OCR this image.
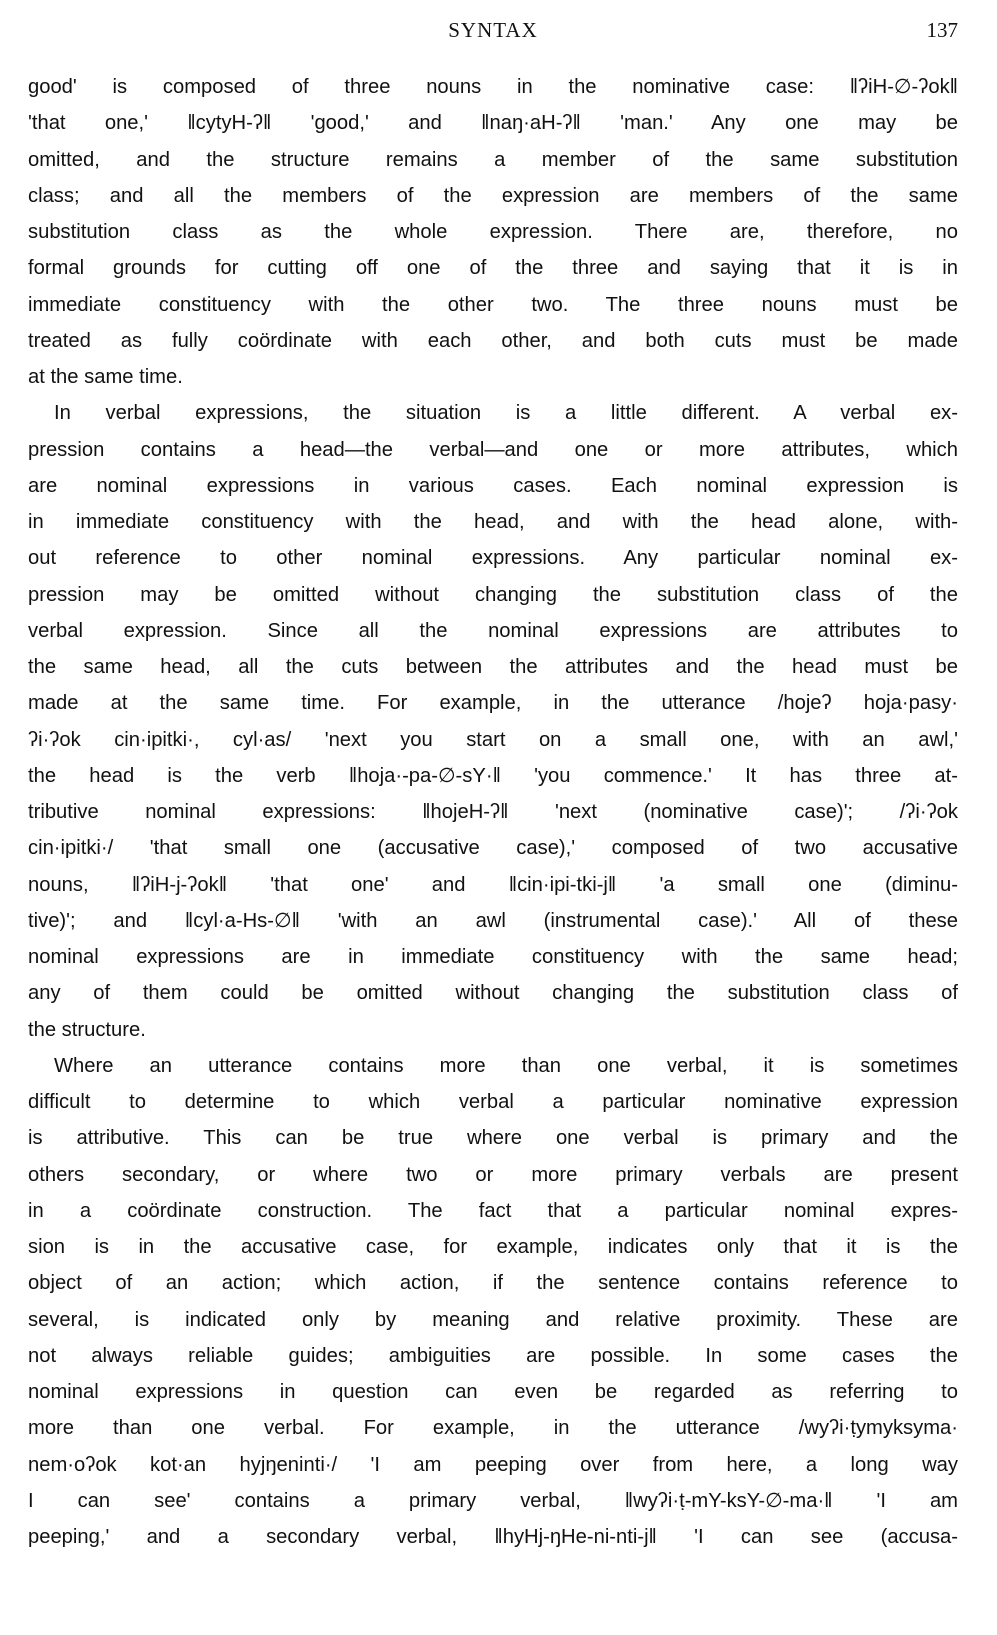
SYNTAX	137
good' is composed of three nouns in the nominative case: ‖ʔiH-∅-ʔok‖
'that one,' ‖cytyH-ʔ‖ 'good,' and ‖naŋ·aH-ʔ‖ 'man.' Any one may be
omitted, and the structure remains a member of the same substitution
class; and all the members of the expression are members of the same
substitution class as the whole expression. There are, therefore, no
formal grounds for cutting off one of the three and saying that it is in
immediate constituency with the other two. The three nouns must be
treated as fully coördinate with each other, and both cuts must be made
at the same time.
In verbal expressions, the situation is a little different. A verbal ex-
pression contains a head—the verbal—and one or more attributes, which
are nominal expressions in various cases. Each nominal expression is
in immediate constituency with the head, and with the head alone, with-
out reference to other nominal expressions. Any particular nominal ex-
pression may be omitted without changing the substitution class of the
verbal expression. Since all the nominal expressions are attributes to
the same head, all the cuts between the attributes and the head must be
made at the same time. For example, in the utterance /hojeʔ hoja·pasy·
ʔi·ʔok cin·ipitki·, cyl·as/ 'next you start on a small one, with an awl,'
the head is the verb ‖hoja·-pa-∅-sY·‖ 'you commence.' It has three at-
tributive nominal expressions: ‖hojeH-ʔ‖ 'next (nominative case)'; /ʔi·ʔok
cin·ipitki·/ 'that small one (accusative case),' composed of two accusative
nouns, ‖ʔiH-j-ʔok‖ 'that one' and ‖cin·ipi-tki-j‖ 'a small one (diminu-
tive)'; and ‖cyl·a-Hs-∅‖ 'with an awl (instrumental case).' All of these
nominal expressions are in immediate constituency with the same head;
any of them could be omitted without changing the substitution class of
the structure.
Where an utterance contains more than one verbal, it is sometimes
difficult to determine to which verbal a particular nominative expression
is attributive. This can be true where one verbal is primary and the
others secondary, or where two or more primary verbals are present
in a coördinate construction. The fact that a particular nominal expres-
sion is in the accusative case, for example, indicates only that it is the
object of an action; which action, if the sentence contains reference to
several, is indicated only by meaning and relative proximity. These are
not always reliable guides; ambiguities are possible. In some cases the
nominal expressions in question can even be regarded as referring to
more than one verbal. For example, in the utterance /wyʔi·ṭymyksyma·
nem·oʔok kot·an hyjŋeninti·/ 'I am peeping over from here, a long way
I can see' contains a primary verbal, ‖wyʔi·ṭ-mY-ksY-∅-ma·‖ 'I am
peeping,' and a secondary verbal, ‖hyHj-ŋHe-ni-nti-j‖ 'I can see (accusa-
